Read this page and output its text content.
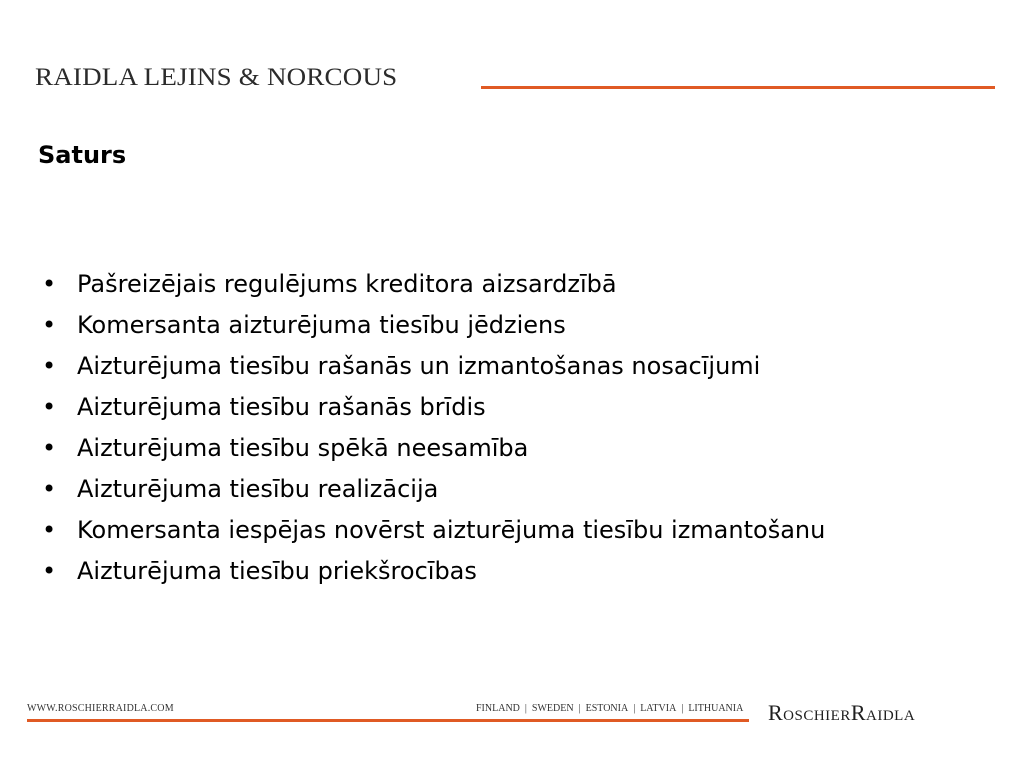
RAIDLA LEJINS & NORCOUS
Saturs
• Pašreizējais regulējums kreditora aizsardzībā
• Komersanta aizturējuma tiesību jēdziens
• Aizturējuma tiesību rašanās un izmantošanas nosacījumi
• Aizturējuma tiesību rašanās brīdis
• Aizturējuma tiesību spēkā neesamība
• Aizturējuma tiesību realizācija
• Komersanta iespējas novērst aizturējuma tiesību izmantošanu
• Aizturējuma tiesību priekšrocības
WWW.ROSCHIERRAIDLA.COM	FINLAND | SWEDEN | ESTONIA | LATVIA | LITHUANIA RoschierRaidla
